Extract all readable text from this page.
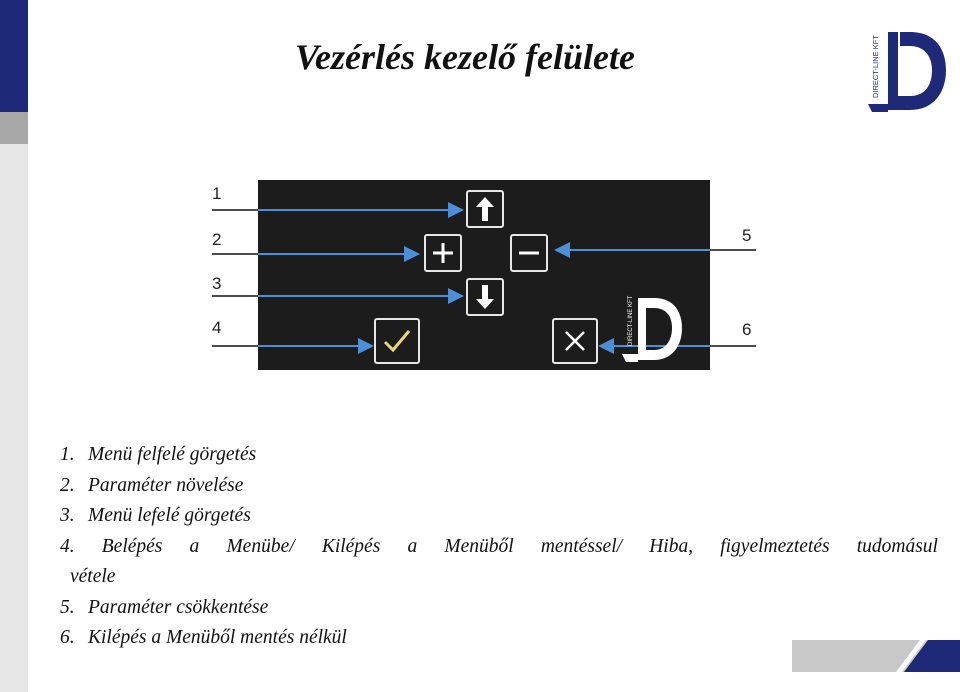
Vezérlés kezelő felülete	DIRECT-LINE KFT
1
2
3
4
5
6
DIRECT-LINE KFT
1. Menü felfelé görgetés
2. Paraméter növelése
3. Menü lefelé görgetés
4. Belépés a Menübe/ Kilépés a Menüből mentéssel/ Hiba, figyelmeztetés tudomásul
vétele
5. Paraméter csökkentése
6. Kilépés a Menüből mentés nélkül
